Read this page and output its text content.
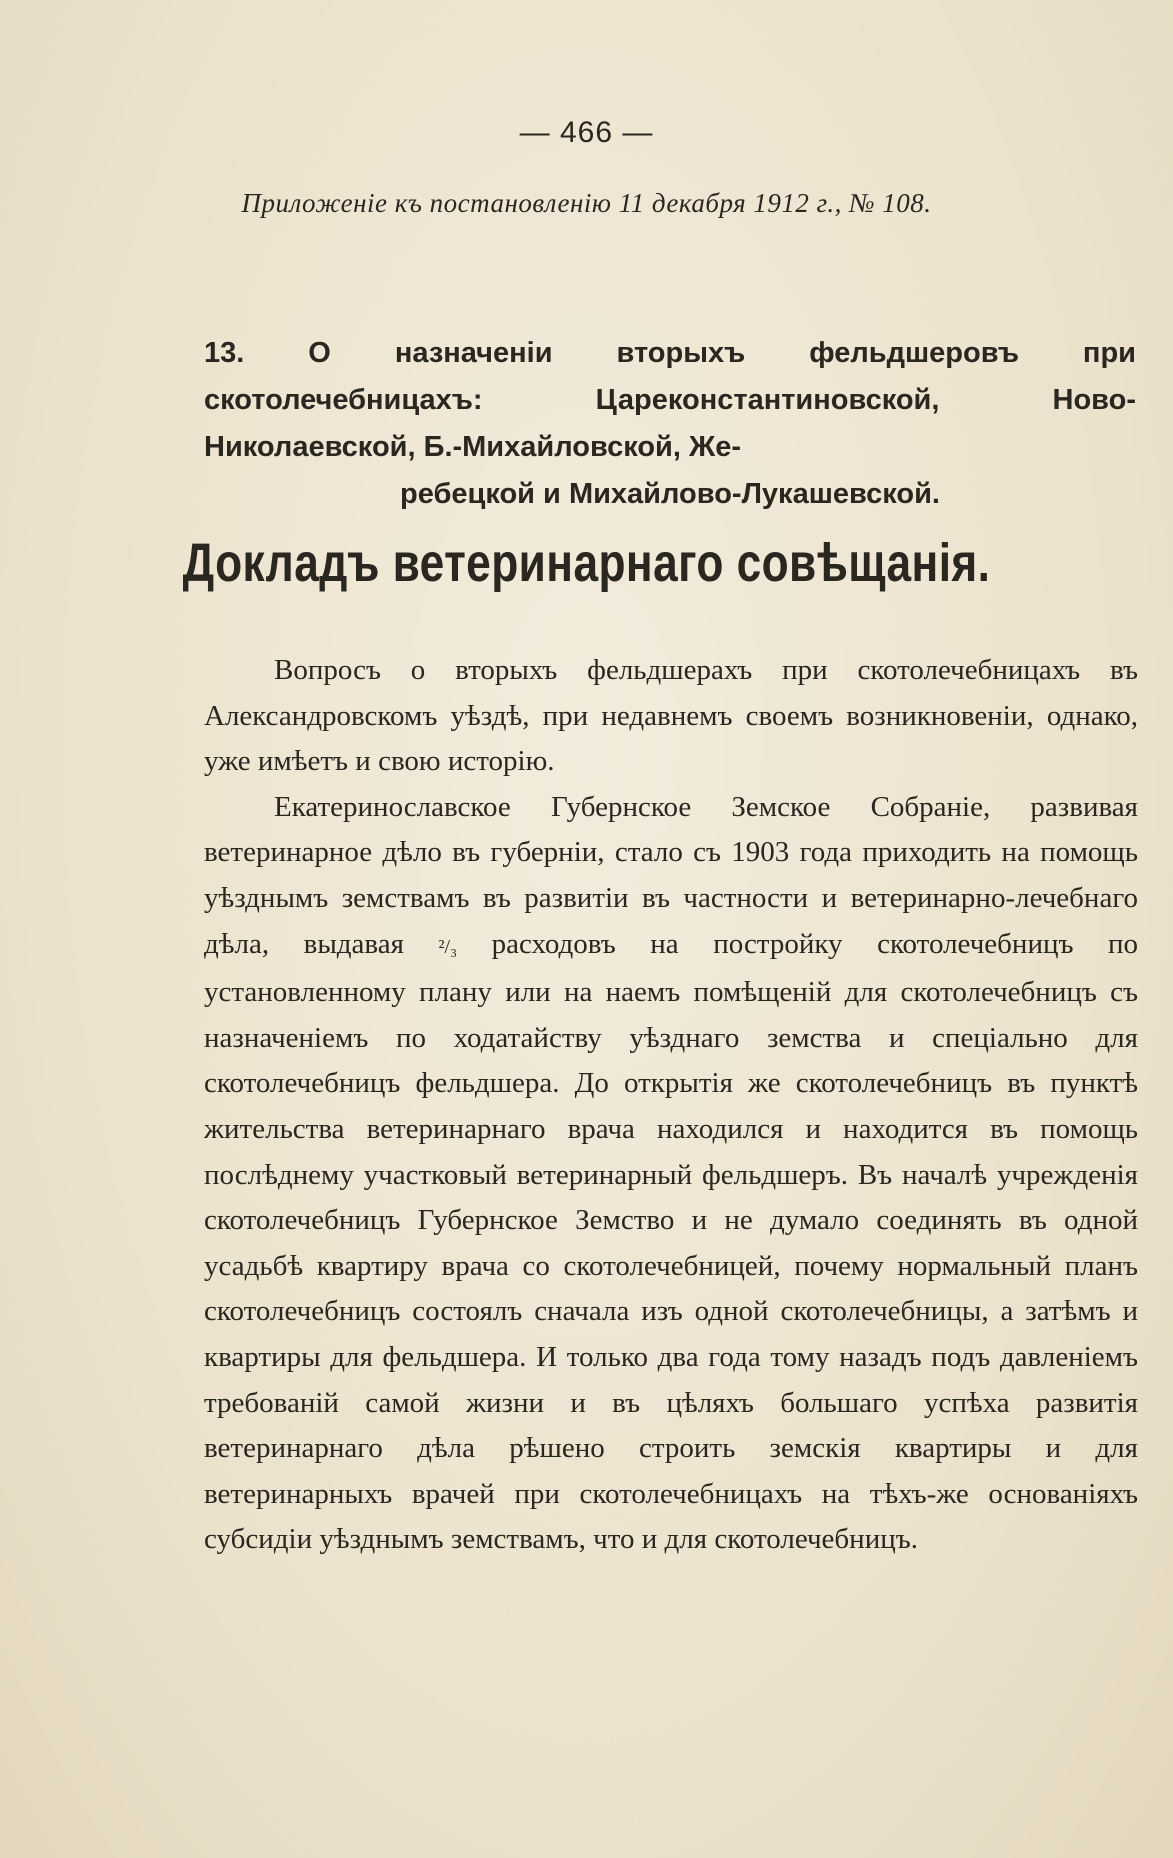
— 466 —
Приложеніе къ постановленію 11 декабря 1912 г., № 108.
13. О назначеніи вторыхъ фельдшеровъ при скотолечебницахъ: Цареконстантиновской, Ново-Николаевской, Б.-Михайловской, Же-
ребецкой и Михайлово-Лукашевской.
Докладъ ветеринарнаго совѣщанія.

Вопросъ о вторыхъ фельдшерахъ при скотолечебницахъ въ Александровскомъ уѣздѣ, при недавнемъ своемъ возникновеніи, однако, уже имѣетъ и свою исторію.

Екатеринославское Губернское Земское Собраніе, развивая ветеринарное дѣло въ губерніи, стало съ 1903 года приходить на помощь уѣзднымъ земствамъ въ развитіи въ частности и ветеринарно-лечебнаго дѣла, выдавая ²/₃ расходовъ на постройку скотолечебницъ по установленному плану или на наемъ помѣщеній для скотолечебницъ съ назначеніемъ по ходатайству уѣзднаго земства и спеціально для скотолечебницъ фельдшера. До открытія же скотолечебницъ въ пунктѣ жительства ветеринарнаго врача находился и находится въ помощь послѣднему участковый ветеринарный фельдшеръ. Въ началѣ учрежденія скотолечебницъ Губернское Земство и не думало соединять въ одной усадьбѣ квартиру врача со скотолечебницей, почему нормальный планъ скотолечебницъ состоялъ сначала изъ одной скотолечебницы, а затѣмъ и квартиры для фельдшера. И только два года тому назадъ подъ давленіемъ требованій самой жизни и въ цѣляхъ большаго успѣха развитія ветеринарнаго дѣла рѣшено строить земскія квартиры и для ветеринарныхъ врачей при скотолечебницахъ на тѣхъ-же основаніяхъ субсидіи уѣзднымъ земствамъ, что и для скотолечебницъ.
